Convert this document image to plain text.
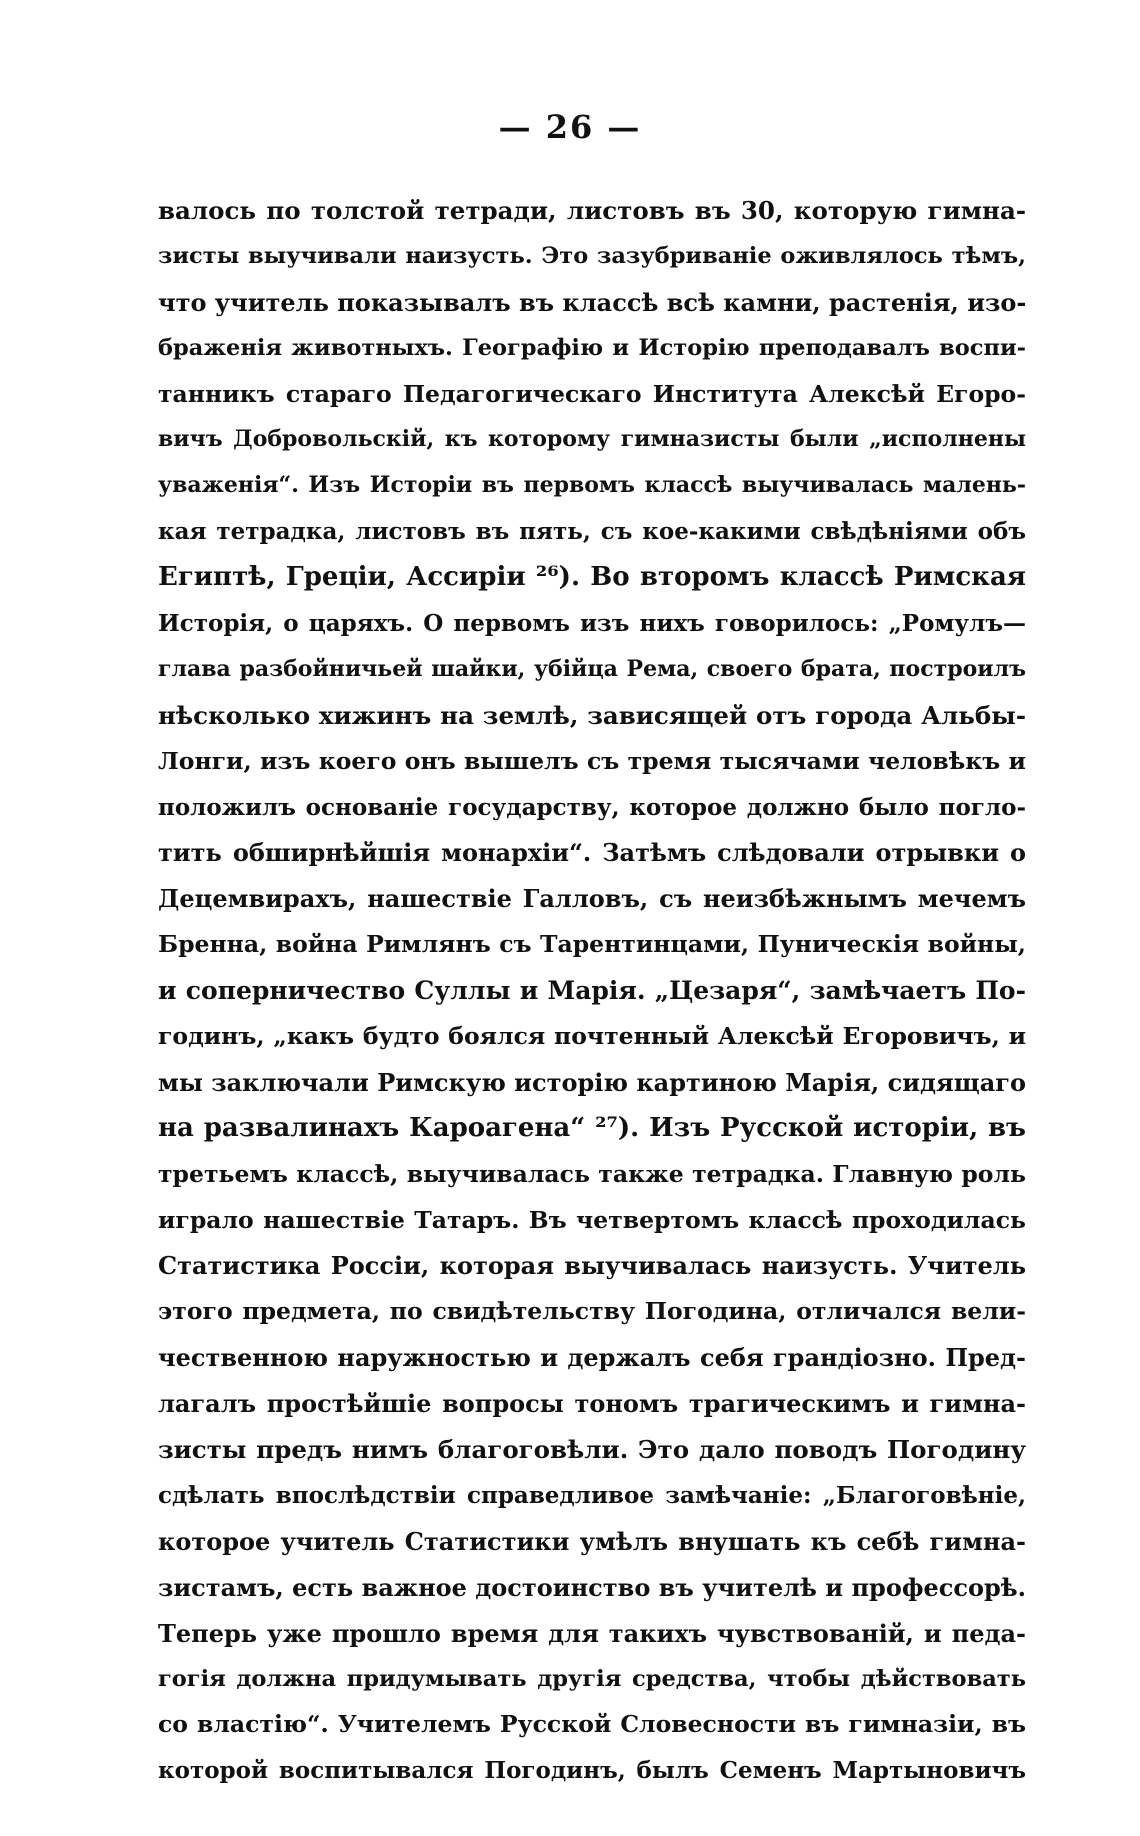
— 26 —
валось по толстой тетради, листовъ въ 30, которую гимна-
зисты выучивали наизусть. Это зазубриванiе оживлялось тѣмъ,
что учитель показывалъ въ классѣ всѣ камни, растенiя, изо-
браженiя животныхъ. Географiю и Исторiю преподавалъ воспи-
танникъ стараго Педагогическаго Института Алексѣй Егоро-
вичъ Добровольскiй, къ которому гимназисты были „исполнены
уваженiя“. Изъ Исторiи въ первомъ классѣ выучивалась малень-
кая тетрадка, листовъ въ пять, съ кое-какими свѣдѣнiями объ
Египтѣ, Грецiи, Ассирiи ²⁶). Во второмъ классѣ Римская
Исторiя, о царяхъ. О первомъ изъ нихъ говорилось: „Ромулъ—
глава разбойничьей шайки, убiйца Рема, своего брата, построилъ
нѣсколько хижинъ на землѣ, зависящей отъ города Альбы-
Лонги, изъ коего онъ вышелъ съ тремя тысячами человѣкъ и
положилъ основанiе государству, которое должно было погло-
тить обширнѣйшiя монархiи“. Затѣмъ слѣдовали отрывки о
Децемвирахъ, нашествiе Галловъ, съ неизбѣжнымъ мечемъ
Бренна, война Римлянъ съ Тарентинцами, Пуническiя войны,
и соперничество Суллы и Марiя. „Цезаря“, замѣчаетъ По-
годинъ, „какъ будто боялся почтенный Алексѣй Егоровичъ, и
мы заключали Римскую исторiю картиною Марiя, сидящаго
на развалинахъ Кароагена“ ²⁷). Изъ Русской исторiи, въ
третьемъ классѣ, выучивалась также тетрадка. Главную роль
играло нашествiе Татаръ. Въ четвертомъ классѣ проходилась
Статистика Россiи, которая выучивалась наизусть. Учитель
этого предмета, по свидѣтельству Погодина, отличался вели-
чественною наружностью и держалъ себя грандiозно. Пред-
лагалъ простѣйшiе вопросы тономъ трагическимъ и гимна-
зисты предъ нимъ благоговѣли. Это дало поводъ Погодину
сдѣлать впослѣдствiи справедливое замѣчанiе: „Благоговѣнiе,
которое учитель Статистики умѣлъ внушать къ себѣ гимна-
зистамъ, есть важное достоинство въ учителѣ и профессорѣ.
Теперь уже прошло время для такихъ чувствованiй, и педа-
гогiя должна придумывать другiя средства, чтобы дѣйствовать
со властiю“. Учителемъ Русской Словесности въ гимназiи, въ
которой воспитывался Погодинъ, былъ Семенъ Мартыновичъ
